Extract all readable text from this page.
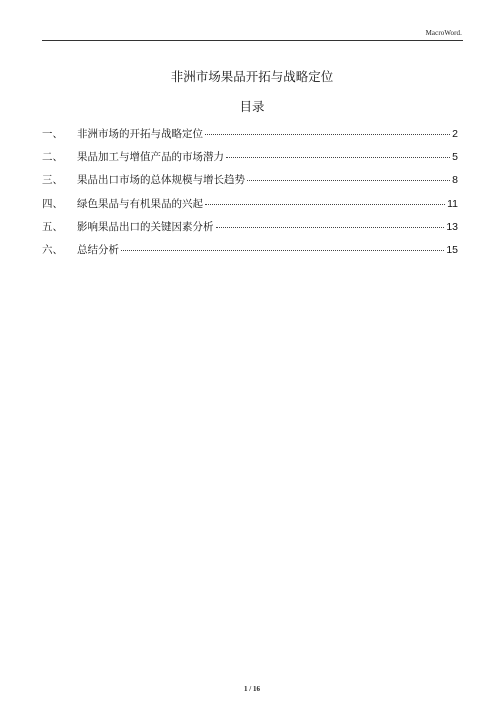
MacroWord.
非洲市场果品开拓与战略定位
目录
一、	非洲市场的开拓与战略定位	2
二、	果品加工与增值产品的市场潜力	5
三、	果品出口市场的总体规模与增长趋势	8
四、	绿色果品与有机果品的兴起	11
五、	影响果品出口的关键因素分析	13
六、	总结分析	15
1 / 16
